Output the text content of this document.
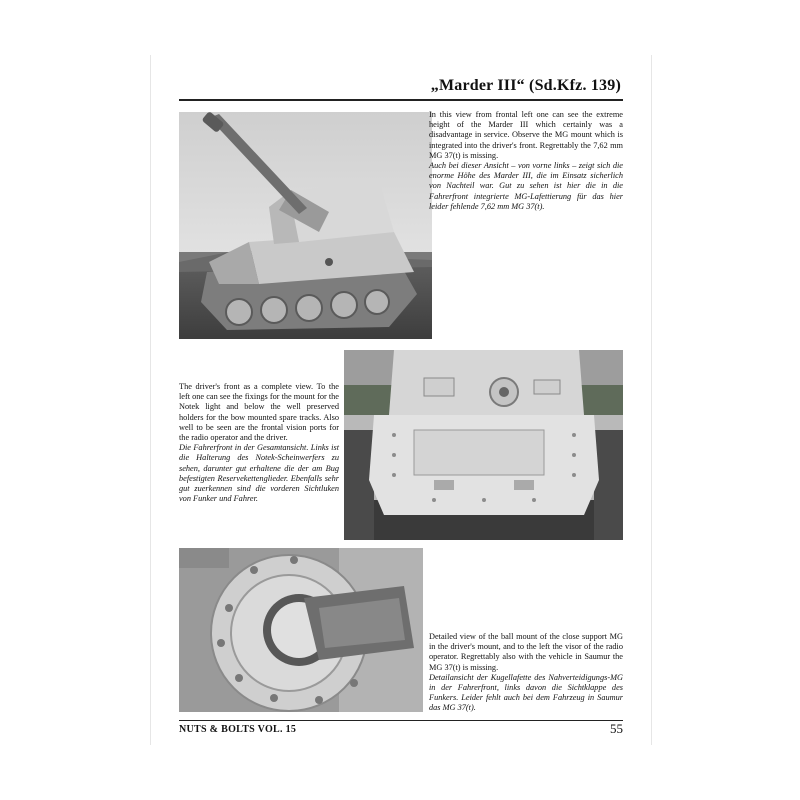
„Marder III“ (Sd.Kfz. 139)

In this view from frontal left one can see the extreme height of the Marder III which certainly was a disadvantage in service. Observe the MG mount which is integrated into the driver's front. Regrettably the 7,62 mm MG 37(t) is missing.

Auch bei dieser Ansicht – von vorne links – zeigt sich die enorme Höhe des Marder III, die im Einsatz sicherlich von Nachteil war. Gut zu sehen ist hier die in die Fahrerfront integrierte MG-Lafettierung für das hier leider fehlende 7,62 mm MG 37(t).

The driver's front as a complete view. To the left one can see the fixings for the mount for the Notek light and below the well preserved holders for the bow mounted spare tracks. Also well to be seen are the frontal vision ports for the radio operator and the driver.

Die Fahrerfront in der Gesamtansicht. Links ist die Halterung des Notek-Scheinwerfers zu sehen, darunter gut erhaltene die der am Bug befestigten Reservekettenglieder. Ebenfalls sehr gut zuerkennen sind die vorderen Sichtluken von Funker und Fahrer.

Detailed view of the ball mount of the close support MG in the driver's mount, and to the left the visor of the radio operator. Regrettably also with the vehicle in Saumur the MG 37(t) is missing.

Detailansicht der Kugellafette des Nahverteidigungs-MG in der Fahrerfront, links davon die Sichtklappe des Funkers. Leider fehlt auch bei dem Fahrzeug in Saumur das MG 37(t).

NUTS & BOLTS VOL. 15	55
